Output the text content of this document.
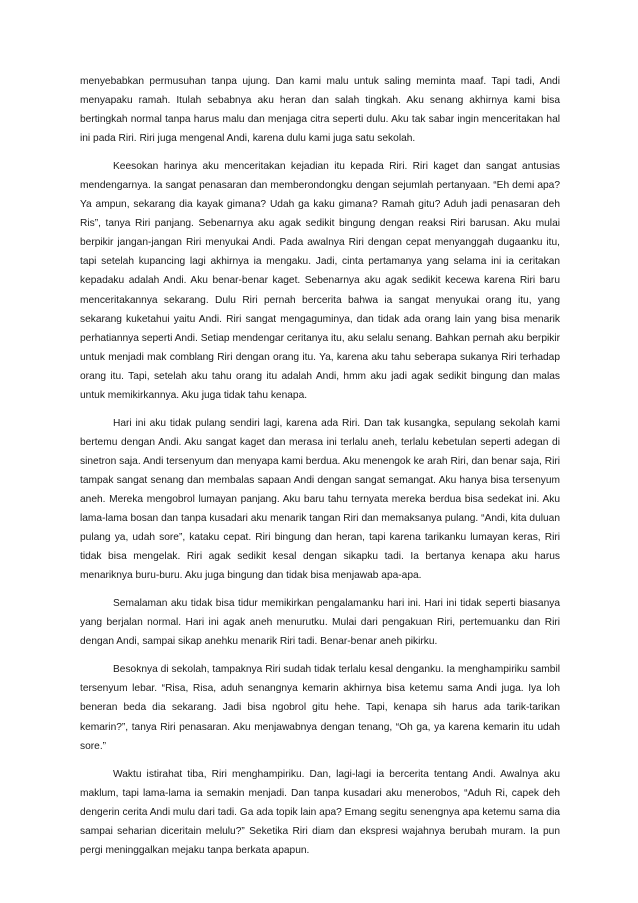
menyebabkan permusuhan tanpa ujung. Dan kami malu untuk saling meminta maaf. Tapi tadi, Andi menyapaku ramah. Itulah sebabnya aku heran dan salah tingkah. Aku senang akhirnya kami bisa bertingkah normal tanpa harus malu dan menjaga citra seperti dulu. Aku tak sabar ingin menceritakan hal ini pada Riri. Riri juga mengenal Andi, karena dulu kami juga satu sekolah.

Keesokan harinya aku menceritakan kejadian itu kepada Riri. Riri kaget dan sangat antusias mendengarnya. Ia sangat penasaran dan memberondongku dengan sejumlah pertanyaan. “Eh demi apa? Ya ampun, sekarang dia kayak gimana? Udah ga kaku gimana? Ramah gitu? Aduh jadi penasaran deh Ris”, tanya Riri panjang. Sebenarnya aku agak sedikit bingung dengan reaksi Riri barusan. Aku mulai berpikir jangan-jangan Riri menyukai Andi. Pada awalnya Riri dengan cepat menyanggah dugaanku itu, tapi setelah kupancing lagi akhirnya ia mengaku. Jadi, cinta pertamanya yang selama ini ia ceritakan kepadaku adalah Andi. Aku benar-benar kaget. Sebenarnya aku agak sedikit kecewa karena Riri baru menceritakannya sekarang. Dulu Riri pernah bercerita bahwa ia sangat menyukai orang itu, yang sekarang kuketahui yaitu Andi. Riri sangat mengaguminya, dan tidak ada orang lain yang bisa menarik perhatiannya seperti Andi. Setiap mendengar ceritanya itu, aku selalu senang. Bahkan pernah aku berpikir untuk menjadi mak comblang Riri dengan orang itu. Ya, karena aku tahu seberapa sukanya Riri terhadap orang itu. Tapi, setelah aku tahu orang itu adalah Andi, hmm aku jadi agak sedikit bingung dan malas untuk memikirkannya. Aku juga tidak tahu kenapa.

Hari ini aku tidak pulang sendiri lagi, karena ada Riri. Dan tak kusangka, sepulang sekolah kami bertemu dengan Andi. Aku sangat kaget dan merasa ini terlalu aneh, terlalu kebetulan seperti adegan di sinetron saja. Andi tersenyum dan menyapa kami berdua. Aku menengok ke arah Riri, dan benar saja, Riri tampak sangat senang dan membalas sapaan Andi dengan sangat semangat. Aku hanya bisa tersenyum aneh. Mereka mengobrol lumayan panjang. Aku baru tahu ternyata mereka berdua bisa sedekat ini. Aku lama-lama bosan dan tanpa kusadari aku menarik tangan Riri dan memaksanya pulang. “Andi, kita duluan pulang ya, udah sore”, kataku cepat. Riri bingung dan heran, tapi karena tarikanku lumayan keras, Riri tidak bisa mengelak. Riri agak sedikit kesal dengan sikapku tadi. Ia bertanya kenapa aku harus menariknya buru-buru. Aku juga bingung dan tidak bisa menjawab apa-apa.

Semalaman aku tidak bisa tidur memikirkan pengalamanku hari ini. Hari ini tidak seperti biasanya yang berjalan normal. Hari ini agak aneh menurutku. Mulai dari pengakuan Riri, pertemuanku dan Riri dengan Andi, sampai sikap anehku menarik Riri tadi. Benar-benar aneh pikirku.

Besoknya di sekolah, tampaknya Riri sudah tidak terlalu kesal denganku. Ia menghampiriku sambil tersenyum lebar. “Risa, Risa, aduh senangnya kemarin akhirnya bisa ketemu sama Andi juga. Iya loh beneran beda dia sekarang. Jadi bisa ngobrol gitu hehe. Tapi, kenapa sih harus ada tarik-tarikan kemarin?”, tanya Riri penasaran. Aku menjawabnya dengan tenang, “Oh ga, ya karena kemarin itu udah sore.”

Waktu istirahat tiba, Riri menghampiriku. Dan, lagi-lagi ia bercerita tentang Andi. Awalnya aku maklum, tapi lama-lama ia semakin menjadi. Dan tanpa kusadari aku menerobos, “Aduh Ri, capek deh dengerin cerita Andi mulu dari tadi. Ga ada topik lain apa? Emang segitu senengnya apa ketemu sama dia sampai seharian diceritain melulu?” Seketika Riri diam dan ekspresi wajahnya berubah muram. Ia pun pergi meninggalkan mejaku tanpa berkata apapun.
